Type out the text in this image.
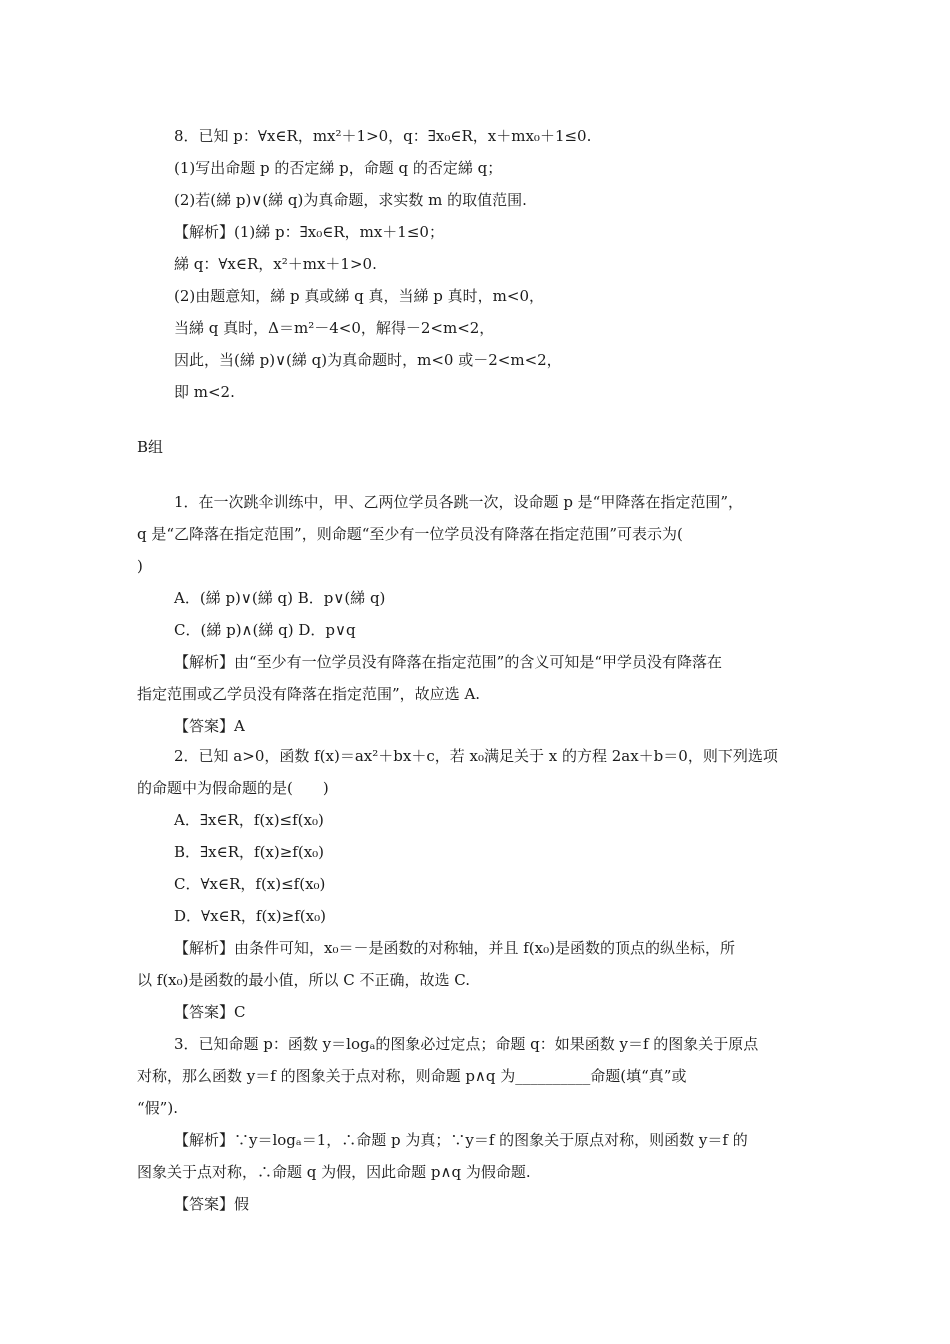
8．已知 p：∀x∈R，mx²＋1>0，q：∃x₀∈R，x＋mx₀＋1≤0.
(1)写出命题 p 的否定綈 p，命题 q 的否定綈 q；
(2)若(綈 p)∨(綈 q)为真命题，求实数 m 的取值范围.
【解析】(1)綈 p：∃x₀∈R，mx＋1≤0；
綈 q：∀x∈R，x²＋mx＋1>0.
(2)由题意知，綈 p 真或綈 q 真，当綈 p 真时，m<0，
当綈 q 真时，Δ＝m²－4<0，解得－2<m<2，
因此，当(綈 p)∨(綈 q)为真命题时，m<0 或－2<m<2，
即 m<2.
B组
1．在一次跳伞训练中，甲、乙两位学员各跳一次，设命题 p 是“甲降落在指定范围”，
q 是“乙降落在指定范围”，则命题“至少有一位学员没有降落在指定范围”可表示为(
)
A．(綈 p)∨(綈 q) B．p∨(綈 q)
C．(綈 p)∧(綈 q) D．p∨q
【解析】由“至少有一位学员没有降落在指定范围”的含义可知是“甲学员没有降落在
指定范围或乙学员没有降落在指定范围”，故应选 A.
【答案】A
2．已知 a>0，函数 f(x)＝ax²＋bx＋c，若 x₀满足关于 x 的方程 2ax＋b＝0，则下列选项
的命题中为假命题的是(　　)
A．∃x∈R，f(x)≤f(x₀)
B．∃x∈R，f(x)≥f(x₀)
C．∀x∈R，f(x)≤f(x₀)
D．∀x∈R，f(x)≥f(x₀)
【解析】由条件可知，x₀＝－是函数的对称轴，并且 f(x₀)是函数的顶点的纵坐标，所
以 f(x₀)是函数的最小值，所以 C 不正确，故选 C.
【答案】C
3．已知命题 p：函数 y＝logₐ的图象必过定点；命题 q：如果函数 y＝f 的图象关于原点
对称，那么函数 y＝f 的图象关于点对称，则命题 p∧q 为__________命题(填“真”或
“假”).
【解析】∵y＝logₐ＝1，∴命题 p 为真；∵y＝f 的图象关于原点对称，则函数 y＝f 的
图象关于点对称，∴命题 q 为假，因此命题 p∧q 为假命题.
【答案】假
